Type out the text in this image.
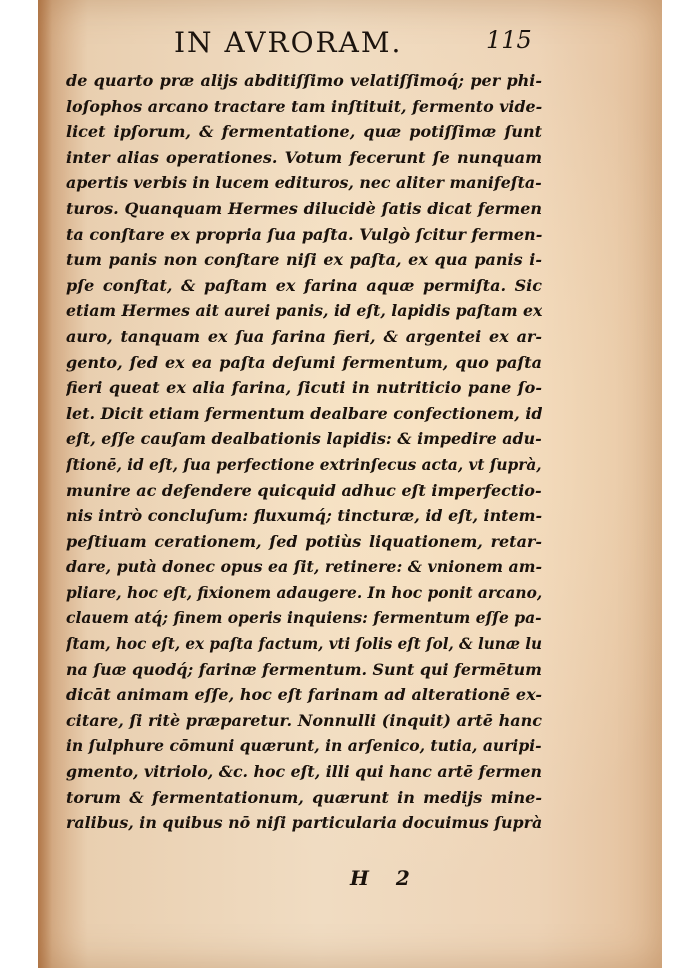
IN AVRORAM.	115
de quarto præ alijs abditiſſimo velatiſſimoq́; per phi-
loſophos arcano tractare tam inſtituit, fermento vide-
licet ipſorum, & fermentatione, quæ potiſſimæ ſunt
inter alias operationes. Votum fecerunt ſe nunquam
apertis verbis in lucem edituros, nec aliter manifeſta-
turos. Quanquam Hermes dilucidè ſatis dicat fermen
ta conſtare ex propria ſua paſta. Vulgò ſcitur fermen-
tum panis non conſtare niſi ex paſta, ex qua panis i-
pſe conſtat, & paſtam ex farina aquæ permiſta. Sic
etiam Hermes ait aurei panis, id eſt, lapidis paſtam ex
auro, tanquam ex ſua farina fieri, & argentei ex ar-
gento, ſed ex ea paſta deſumi fermentum, quo paſta
fieri queat ex alia farina, ſicuti in nutriticio pane ſo-
let. Dicit etiam fermentum dealbare confectionem, id
eſt, eſſe cauſam dealbationis lapidis: & impedire adu-
ſtionē, id eſt, ſua perfectione extrinſecus acta, vt ſuprà,
munire ac defendere quicquid adhuc eſt imperfectio-
nis intrò concluſum: fluxumq́; tincturæ, id eſt, intem-
peſtiuam cerationem, ſed potiùs liquationem, retar-
dare, putà donec opus ea ſit, retinere: & vnionem am-
pliare, hoc eſt, fixionem adaugere. In hoc ponit arcano,
clauem atq́; finem operis inquiens: fermentum eſſe pa-
ſtam, hoc eſt, ex paſta factum, vti ſolis eſt ſol, & lunæ lu
na ſuæ quodq́; farinæ fermentum. Sunt qui fermētum
dicāt animam eſſe, hoc eſt farinam ad alterationē ex-
citare, ſi ritè præparetur. Nonnulli (inquit) artē hanc
in ſulphure cōmuni quærunt, in arſenico, tutia, auripi-
gmento, vitriolo, &c. hoc eſt, illi qui hanc artē fermen
torum & fermentationum, quærunt in medijs mine-
ralibus, in quibus nō niſi particularia docuimus ſuprà
H 2
